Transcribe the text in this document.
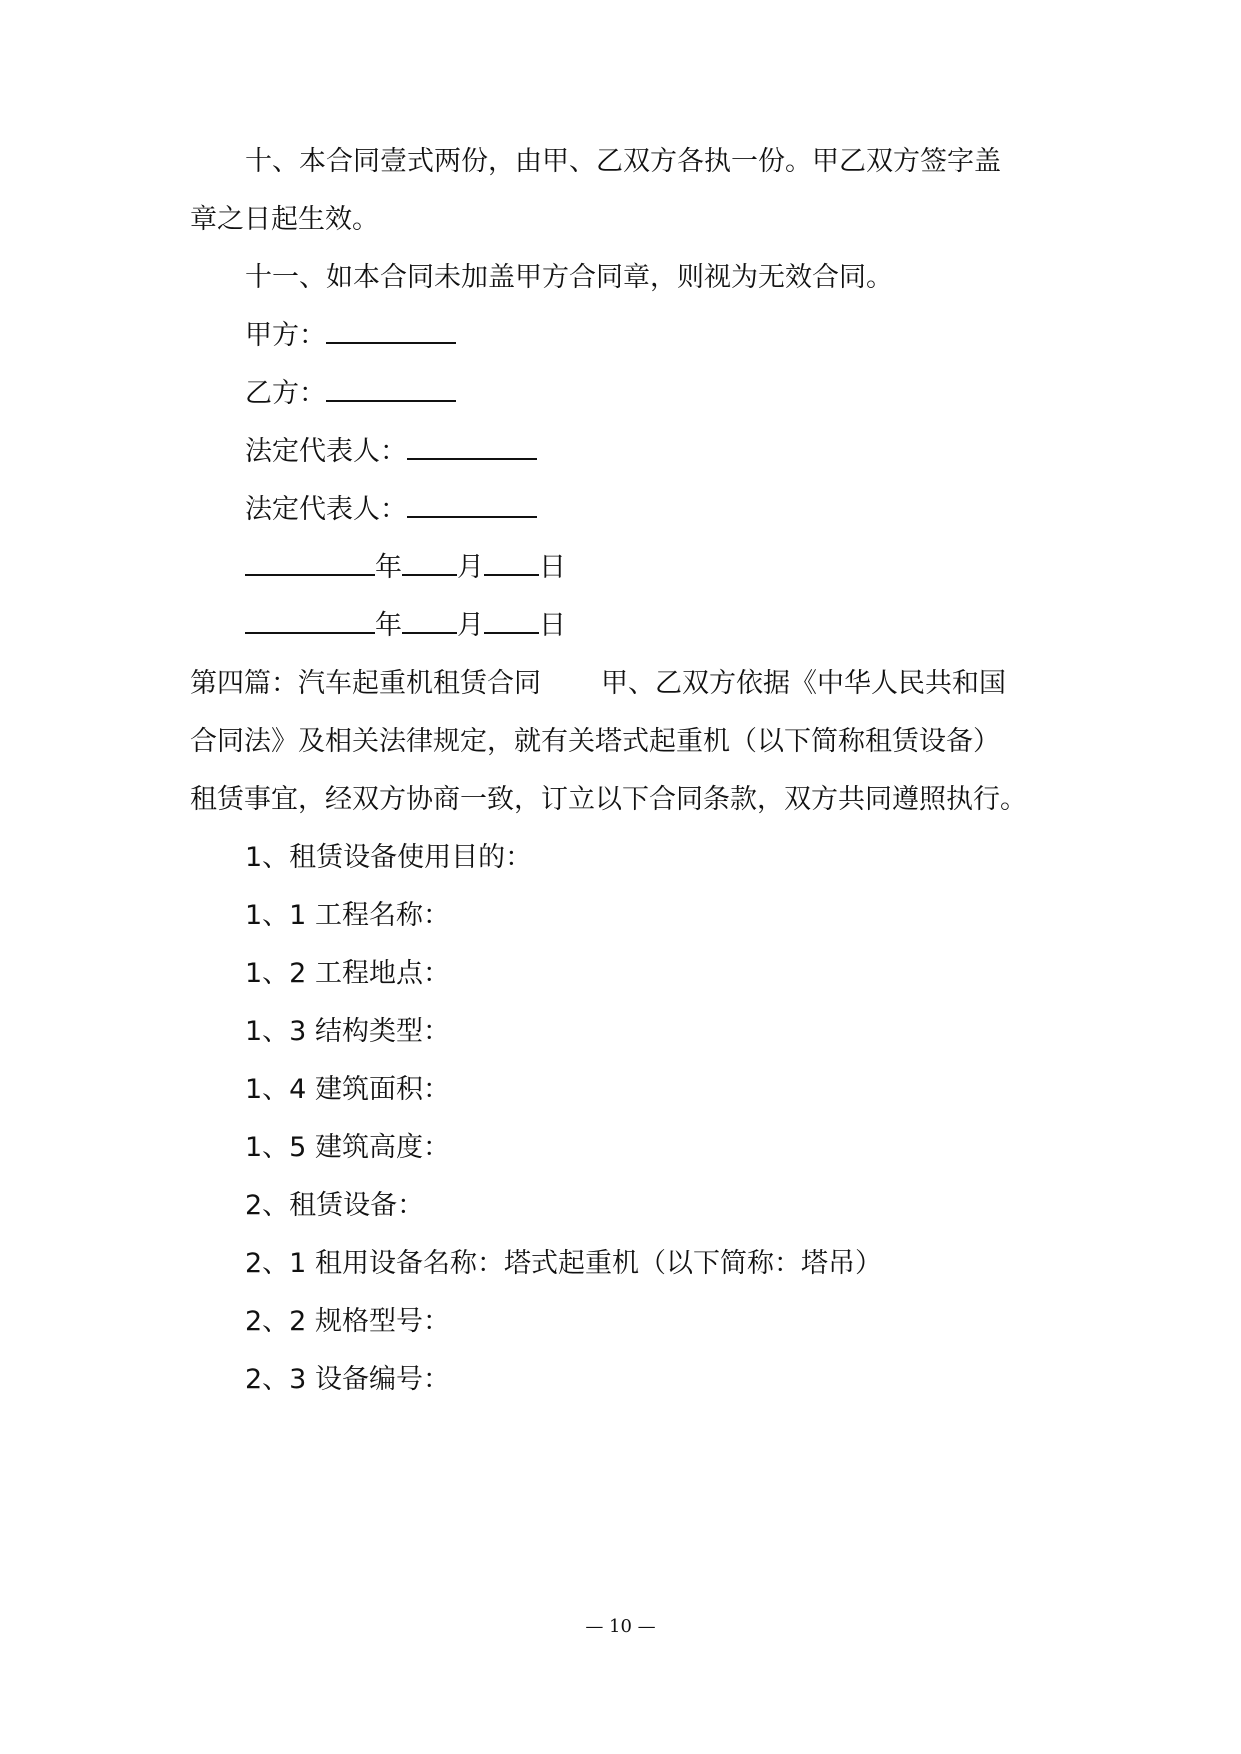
十、本合同壹式两份，由甲、乙双方各执一份。甲乙双方签字盖
章之日起生效。
十一、如本合同未加盖甲方合同章，则视为无效合同。
甲方：
乙方：
法定代表人：
法定代表人：
年 月 日
年 月 日
第四篇：汽车起重机租赁合同 甲、乙双方依据《中华人民共和国
合同法》及相关法律规定，就有关塔式起重机（以下简称租赁设备）
租赁事宜，经双方协商一致，订立以下合同条款，双方共同遵照执行。
1、租赁设备使用目的：
1、1 工程名称：
1、2 工程地点：
1、3 结构类型：
1、4 建筑面积：
1、5 建筑高度：
2、租赁设备：
2、1 租用设备名称：塔式起重机（以下简称：塔吊）
2、2 规格型号：
2、3 设备编号：
— 10 —
